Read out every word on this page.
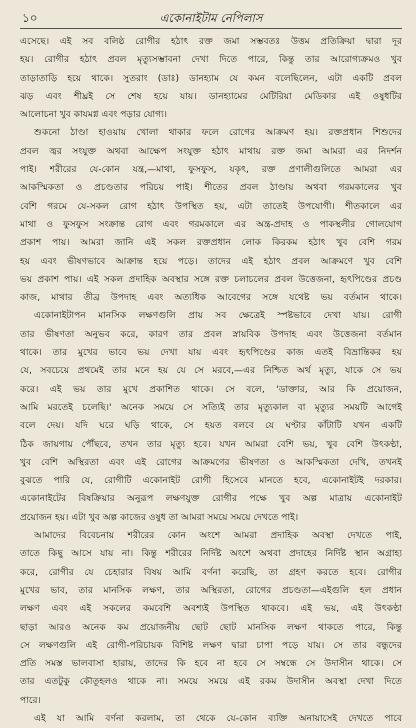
১০	একোনাইটাম নেপিলাস
এসেছে। এই সব বলিষ্ঠ রোগীর হঠাৎ রক্ত জমা সম্ভবতঃ উত্তম প্রতিক্রিয়া দ্বারা দূর
হয়। রোগীর হঠাৎ প্রবল মৃত্যুসম্ভাবনা দেখা দিতে পারে, কিন্তু তার আরোগ্যক্রমও খুব
তাড়াতাড়ি হয়ে থাকে। সুতরাং (ডাঃ) ডানহ্যাম যে কমন বলেছিলেন, এটা একটি প্রবল
ঝড় এবং শীঘ্রই সে শেষ হয়ে যায়। ডানহ্যামের মেটিরিয়া মেডিকার এই ওষুধটির
আলোচনা খুব কাযমগ্ন এবং পড়ার যোগ্য।
শুকনো ঠাণ্ডা হাওয়ায় খোলা থাকার ফলে রোগের আক্রমণ হয়। রক্তপ্রধান শিশুদের
প্রবল জ্বর সংযুক্ত অথবা আক্ষেপ সংযুক্ত হঠাৎ মাথায় রক্ত জমা আমরা এর নিদর্শন
পাই। শরীরের যে-কোন যন্ত্র,—মাথা, ফুসফুস, যকৃৎ, রক্ত প্রণালীগুলিতে আমরা এর
আকস্মিকতা ও প্রচণ্ডতার পরিচয় পাই। শীতের প্রবল ঠাণ্ডায় অথবা গরমকালের খুব
বেশি গরমে যে-সকল রোগ হঠাৎ উপস্থিত হয়, এটা তাতেই উপযোগী। শীতকালে এর
মাথা ও ফুসফুস সংক্রান্ত রোগ এবং গরমকালে এর অন্ত্র-প্রদাহ ও পাকস্থলীর গোলযোগ
প্রকাশ পায়। আমরা জানি এই সকল রক্তপ্রধান লোক কিরকম হঠাৎ খুব বেশি গরম
হয় এবং ভীষণভাবে আক্রান্ত হয়ে পড়ে। তাদের এই হঠাৎ প্রবল আক্রমণে খুব বেশি
ভয় প্রকাশ পায়। এই সকল প্রদাহিক অবস্থার সঙ্গে রক্ত চলাচলের প্রবল উত্তেজনা, হৃৎপিণ্ডের প্রচণ্ড
কাজ, মাথার তীব্র উপদাহ এবং অত্যধিক আবেগের সঙ্গে যথেষ্ট ভয় বর্তমান থাকে।
একোনাইটাপন মানসিক লক্ষণগুলি প্রায় সব ক্ষেত্রেই স্পষ্টভাবে দেখা যায়। রোগী
তার ভীষণতা অনুভব করে, কারণ তার প্রবল স্নায়বিক উপদাহ এবং উত্তেজনা বর্তমান
থাকে। তার মুখের ভাবে ভয় দেখা যায় এবং হৃৎপিণ্ডের কাজ এতই বিভ্রান্তিকর হয়
যে, সবচেয়ে প্রথমেই তার মনে হয় যে সে মরবে,—এর নিশ্চিত অর্থ মৃত্যু, যাকে সে ভয়
করে। এই ভয় তার মুখে প্রকাশিত থাকে। সে বলে, 'ডাক্তার, আর কি প্রয়োজন,
আমি মরতেই চলেছি।' অনেক সময়ে সে সত্যিই তার মৃত্যুকাল বা মৃত্যুর সময়টি আগেই
বলে দেয়। যদি ঘরে ঘড়ি থাকে, সে হয়ত বলবে যে ঘণ্টার কাঁটাটি যখন একটি
ঠিক জায়গায় পৌঁছবে, তখন তার মৃত্যু হবে। যখন আমরা বেশি ভয়, খুব বেশি উৎকণ্ঠা,
খুব বেশি অস্থিরতা এবং এই রোগের আক্রমণের ভীষণতা ও আকস্মিকতা দেখি, তখনই
বুঝতে পারি যে, রোগীটি একোনাইট রোগী হিসেবে মানতে হবে, একোনাইটই দরকার।
একোনাইটের বিষক্রিয়ার অনুরূপ লক্ষণযুক্ত রোগীর পক্ষে খুব অল্প মাত্রায় একোনাইট
প্রয়োজন হয়। এটা খুব অল্প কাজের ওষুধ তা আমরা সময়ে সময়ে দেখতে পাই।
আমাদের বিবেচনায় শরীরের কোন অংশে আমরা প্রদাহিক অবস্থা দেখতে পাই,
তাতে কিছু আসে যায় না। কিন্তু শরীরের নির্দিষ্ট অংশে অথবা প্রদাহের নির্দিষ্ট স্থান অগ্রাহ্য
করে, রোগীর যে চেহারার বিষয় আমি বর্ণনা করেছি, তা গ্রহণ করতে হবে। রোগীর
মুখের ভাব, তার মানসিক লক্ষণ, তার অস্থিরতা, রোগের প্রচণ্ডতা—এইগুলি হল প্রধান
লক্ষণ এবং এই সকলের কমবেশি অবশ্যই উপস্থিত থাকবে। এই ভয়, এই উৎকণ্ঠা
ছাড়া আরও অনেক কম প্রয়োজনীয় ছোট ছোট মানসিক লক্ষণ থাকতে পারে, কিন্তু
সে লক্ষণগুলি এই রোগী-পরিচায়ক বিশিষ্ট লক্ষণ দ্বারা চাপা পড়ে যায়। সে তার বন্ধুদের
প্রতি সমস্ত ভালবাসা হারায়, তাদের কি হবে না হবে সে সম্বন্ধে সে উদাসীন থাকে। সে
তার এতটুকু কৌতূহলও থাকে না। সময়ে সময়ে এই রকম উদাসীন অবস্থা দেখা দিতে
পারে।
এই যা আমি বর্ণনা করলাম, তা থেকে যে-কোন ব্যক্তি অনায়াসেই দেখতে পাবে
